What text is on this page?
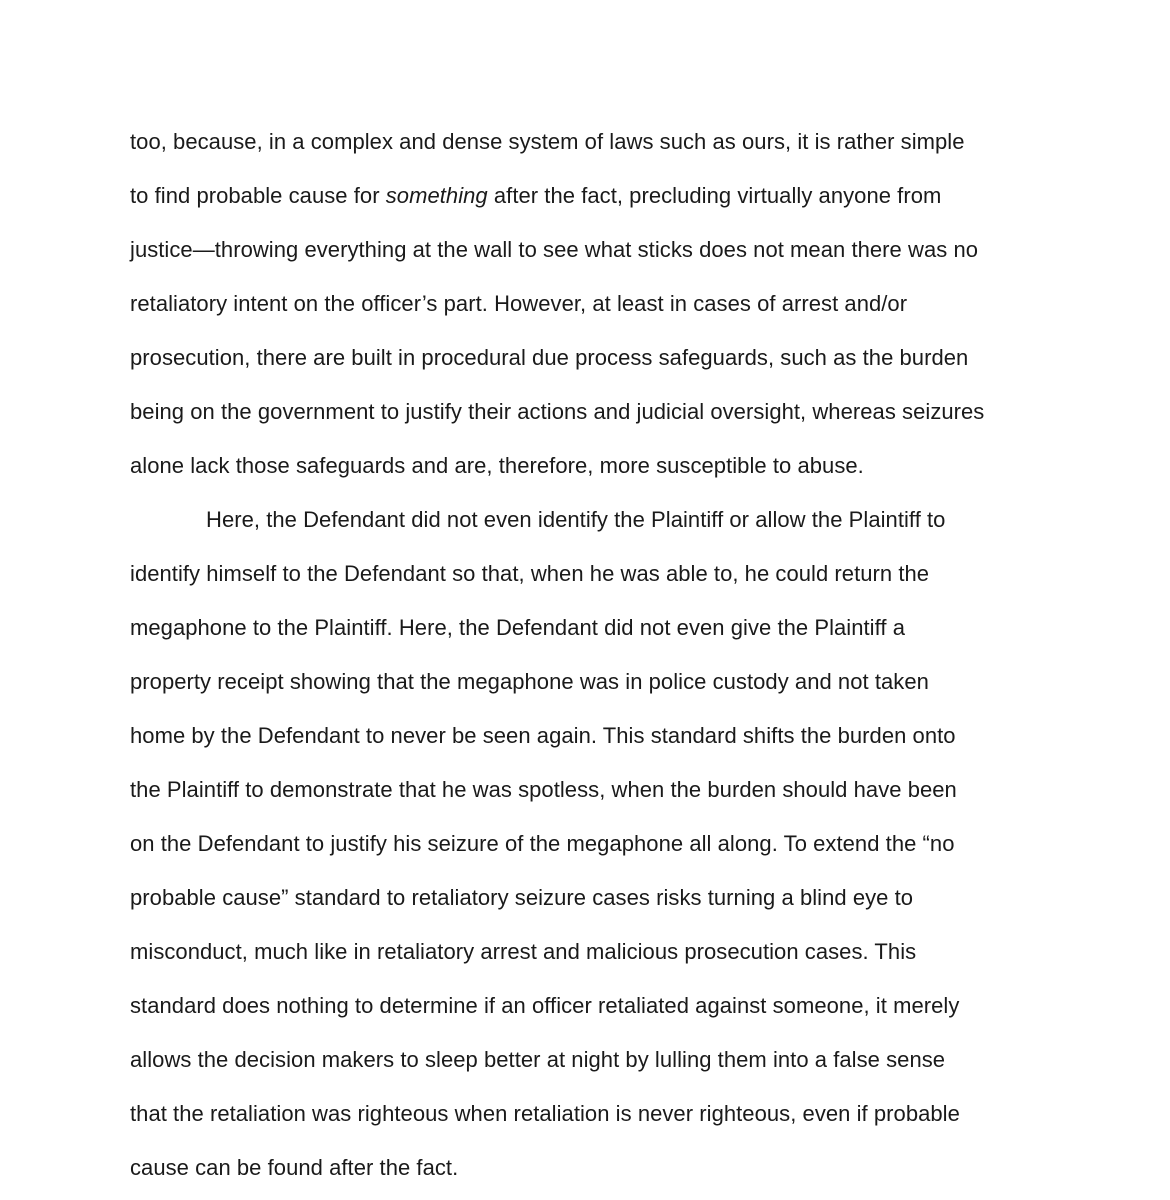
too, because, in a complex and dense system of laws such as ours, it is rather simple
to find probable cause for something after the fact, precluding virtually anyone from
justice—throwing everything at the wall to see what sticks does not mean there was no
retaliatory intent on the officer’s part. However, at least in cases of arrest and/or
prosecution, there are built in procedural due process safeguards, such as the burden
being on the government to justify their actions and judicial oversight, whereas seizures
alone lack those safeguards and are, therefore, more susceptible to abuse.
Here, the Defendant did not even identify the Plaintiff or allow the Plaintiff to
identify himself to the Defendant so that, when he was able to, he could return the
megaphone to the Plaintiff. Here, the Defendant did not even give the Plaintiff a
property receipt showing that the megaphone was in police custody and not taken
home by the Defendant to never be seen again. This standard shifts the burden onto
the Plaintiff to demonstrate that he was spotless, when the burden should have been
on the Defendant to justify his seizure of the megaphone all along. To extend the “no
probable cause” standard to retaliatory seizure cases risks turning a blind eye to
misconduct, much like in retaliatory arrest and malicious prosecution cases. This
standard does nothing to determine if an officer retaliated against someone, it merely
allows the decision makers to sleep better at night by lulling them into a false sense
that the retaliation was righteous when retaliation is never righteous, even if probable
cause can be found after the fact.
